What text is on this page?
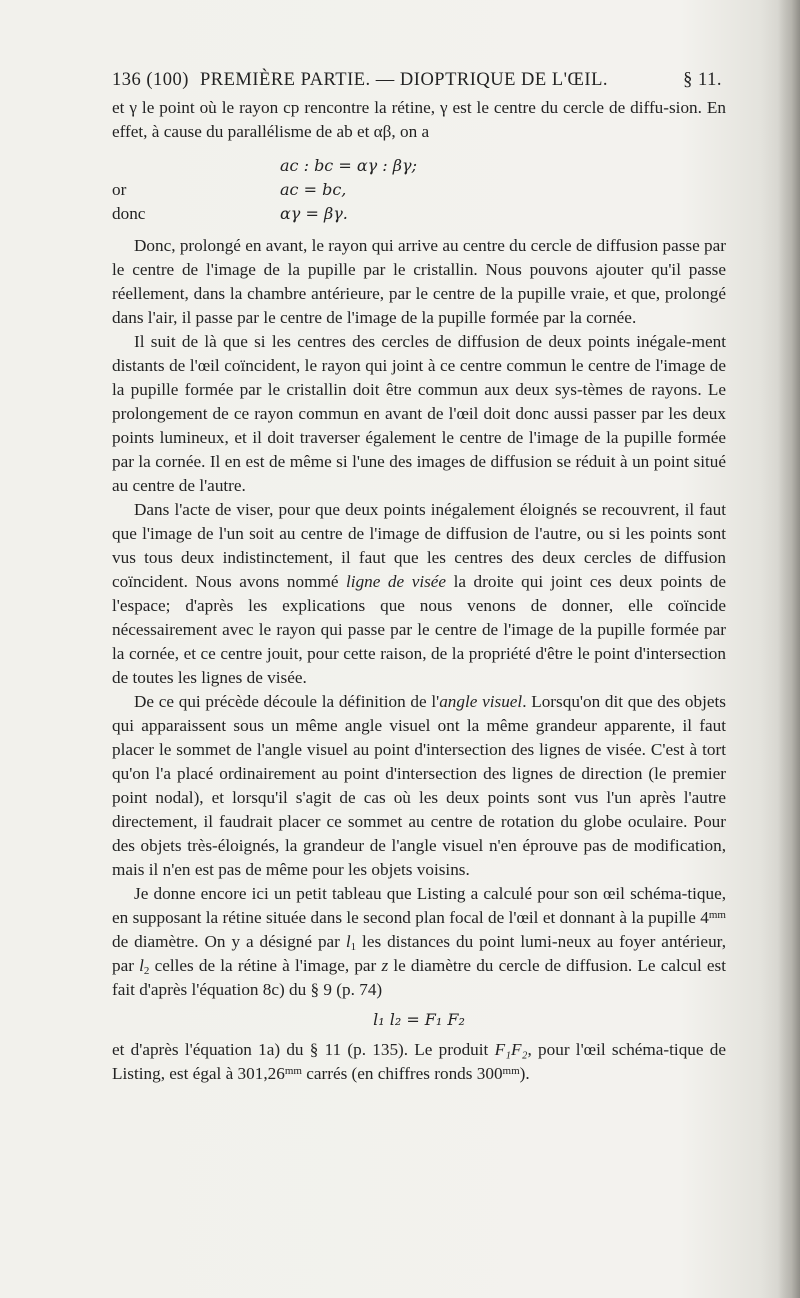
136 (100) PREMIÈRE PARTIE. — DIOPTRIQUE DE L'ŒIL.	§ 11.

et γ le point où le rayon cp rencontre la rétine, γ est le centre du cercle de diffu-sion. En effet, à cause du parallélisme de ab et αβ, on a

ac : bc = αγ : βγ;
or	ac = bc,
donc	αγ = βγ.

Donc, prolongé en avant, le rayon qui arrive au centre du cercle de diffusion passe par le centre de l'image de la pupille par le cristallin. Nous pouvons ajouter qu'il passe réellement, dans la chambre antérieure, par le centre de la pupille vraie, et que, prolongé dans l'air, il passe par le centre de l'image de la pupille formée par la cornée.

Il suit de là que si les centres des cercles de diffusion de deux points inégale-ment distants de l'œil coïncident, le rayon qui joint à ce centre commun le centre de l'image de la pupille formée par le cristallin doit être commun aux deux sys-tèmes de rayons. Le prolongement de ce rayon commun en avant de l'œil doit donc aussi passer par les deux points lumineux, et il doit traverser également le centre de l'image de la pupille formée par la cornée. Il en est de même si l'une des images de diffusion se réduit à un point situé au centre de l'autre.

Dans l'acte de viser, pour que deux points inégalement éloignés se recouvrent, il faut que l'image de l'un soit au centre de l'image de diffusion de l'autre, ou si les points sont vus tous deux indistinctement, il faut que les centres des deux cercles de diffusion coïncident. Nous avons nommé ligne de visée la droite qui joint ces deux points de l'espace; d'après les explications que nous venons de donner, elle coïncide nécessairement avec le rayon qui passe par le centre de l'image de la pupille formée par la cornée, et ce centre jouit, pour cette raison, de la propriété d'être le point d'intersection de toutes les lignes de visée.

De ce qui précède découle la définition de l'angle visuel. Lorsqu'on dit que des objets qui apparaissent sous un même angle visuel ont la même grandeur apparente, il faut placer le sommet de l'angle visuel au point d'intersection des lignes de visée. C'est à tort qu'on l'a placé ordinairement au point d'intersection des lignes de direction (le premier point nodal), et lorsqu'il s'agit de cas où les deux points sont vus l'un après l'autre directement, il faudrait placer ce sommet au centre de rotation du globe oculaire. Pour des objets très-éloignés, la grandeur de l'angle visuel n'en éprouve pas de modification, mais il n'en est pas de même pour les objets voisins.

Je donne encore ici un petit tableau que Listing a calculé pour son œil schéma-tique, en supposant la rétine située dans le second plan focal de l'œil et donnant à la pupille $4^{mm}$ de diamètre. On y a désigné par $l_1$ les distances du point lumi-neux au foyer antérieur, par $l_2$ celles de la rétine à l'image, par z le diamètre du cercle de diffusion. Le calcul est fait d'après l'équation 8c) du § 9 (p. 74)

l₁ l₂ = F₁ F₂

et d'après l'équation 1a) du § 11 (p. 135). Le produit F₁F₂, pour l'œil schéma-tique de Listing, est égal à $301,26^{mm}$ carrés (en chiffres ronds $300^{mm}$).
